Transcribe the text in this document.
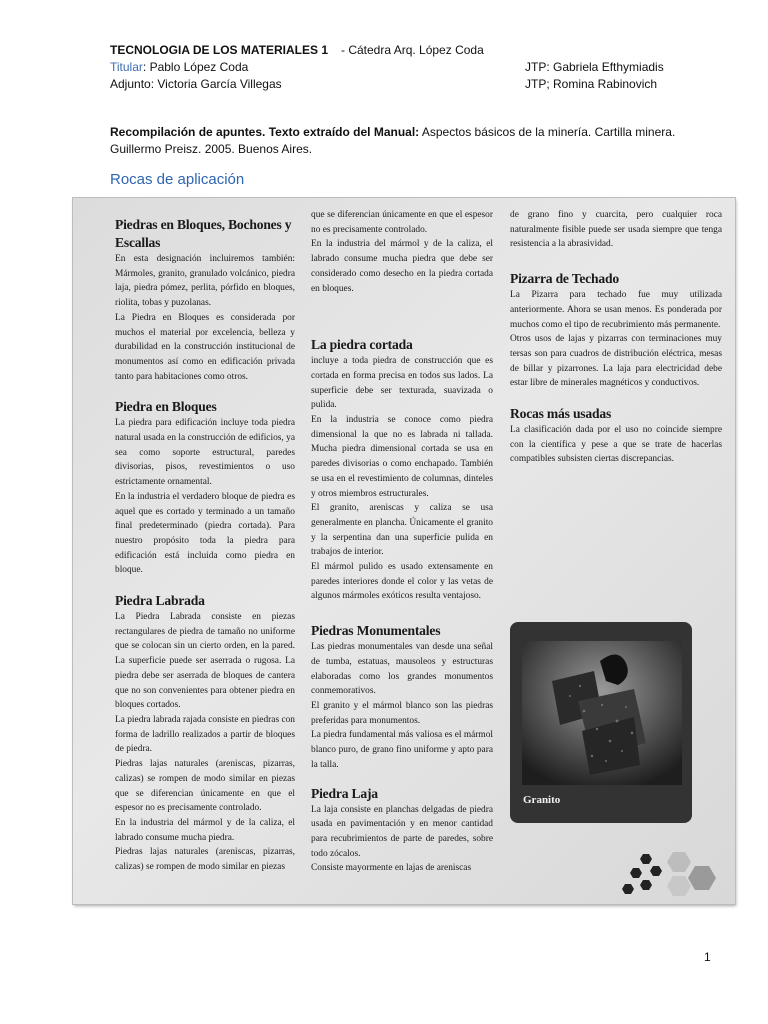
TECNOLOGIA DE LOS MATERIALES 1 - Cátedra Arq. López Coda
Titular: Pablo López Coda
Adjunto: Victoria García Villegas
JTP: Gabriela Efthymiadis
JTP; Romina Rabinovich
Recompilación de apuntes. Texto extraído del Manual: Aspectos básicos de la minería. Cartilla minera. Guillermo Preisz. 2005. Buenos Aires.
Rocas de aplicación
Piedras en Bloques, Bochones y Escallas

En esta designación incluiremos también: Mármoles, granito, granulado volcánico, piedra laja, piedra pómez, perlita, pórfido en bloques, riolita, tobas y puzolanas.

La Piedra en Bloques es considerada por muchos el material por excelencia, belleza y durabilidad en la construcción institucional de monumentos así como en edificación privada tanto para habitaciones como otros.

Piedra en Bloques

La piedra para edificación incluye toda piedra natural usada en la construcción de edificios, ya sea como soporte estructural, paredes divisorias, pisos, revestimientos o uso estrictamente ornamental.

En la industria el verdadero bloque de piedra es aquel que es cortado y terminado a un tamaño final predeterminado (piedra cortada). Para nuestro propósito toda la piedra para edificación está incluida como piedra en bloque.

Piedra Labrada

La Piedra Labrada consiste en piezas rectangulares de piedra de tamaño no uniforme que se colocan sin un cierto orden, en la pared. La superficie puede ser aserrada o rugosa. La piedra debe ser aserrada de bloques de cantera que no son convenientes para obtener piedra en bloques cortados.

La piedra labrada rajada consiste en piedras con forma de ladrillo realizados a partir de bloques de piedra.

Piedras lajas naturales (areniscas, pizarras, calizas) se rompen de modo similar en piezas que se diferencian únicamente en que el espesor no es precisamente controlado.

En la industria del mármol y de la caliza, el labrado consume mucha piedra.

Piedras lajas naturales (areniscas, pizarras, calizas) se rompen de modo similar en piezas

que se diferencian únicamente en que el espesor no es precisamente controlado.

En la industria del mármol y de la caliza, el labrado consume mucha piedra que debe ser considerado como desecho en la piedra cortada en bloques.

La piedra cortada

incluye a toda piedra de construcción que es cortada en forma precisa en todos sus lados. La superficie debe ser texturada, suavizada o pulida.

En la industria se conoce como piedra dimensional la que no es labrada ni tallada. Mucha piedra dimensional cortada se usa en paredes divisorias o como enchapado. También se usa en el revestimiento de columnas, dinteles y otros miembros estructurales.

El granito, areniscas y caliza se usa generalmente en plancha. Únicamente el granito y la serpentina dan una superficie pulida en trabajos de interior.

El mármol pulido es usado extensamente en paredes interiores donde el color y las vetas de algunos mármoles exóticos resulta ventajoso.

Piedras Monumentales

Las piedras monumentales van desde una señal de tumba, estatuas, mausoleos y estructuras elaboradas como los grandes monumentos conmemorativos.

El granito y el mármol blanco son las piedras preferidas para monumentos.

La piedra fundamental más valiosa es el mármol blanco puro, de grano fino uniforme y apto para la talla.

Piedra Laja

La laja consiste en planchas delgadas de piedra usada en pavimentación y en menor cantidad para recubrimientos de parte de paredes, sobre todo zócalos.

Consiste mayormente en lajas de areniscas

de grano fino y cuarcita, pero cualquier roca naturalmente fisible puede ser usada siempre que tenga resistencia a la abrasividad.

Pizarra de Techado

La Pizarra para techado fue muy utilizada anteriormente. Ahora se usan menos. Es ponderada por muchos como el tipo de recubrimiento más permanente.

Otros usos de lajas y pizarras con terminaciones muy tersas son para cuadros de distribución eléctrica, mesas de billar y pizarrones. La laja para electricidad debe estar libre de minerales magnéticos y conductivos.

Rocas más usadas

La clasificación dada por el uso no coincide siempre con la científica y pese a que se trate de hacerlas compatibles subsisten ciertas discrepancias.

Granito
1
